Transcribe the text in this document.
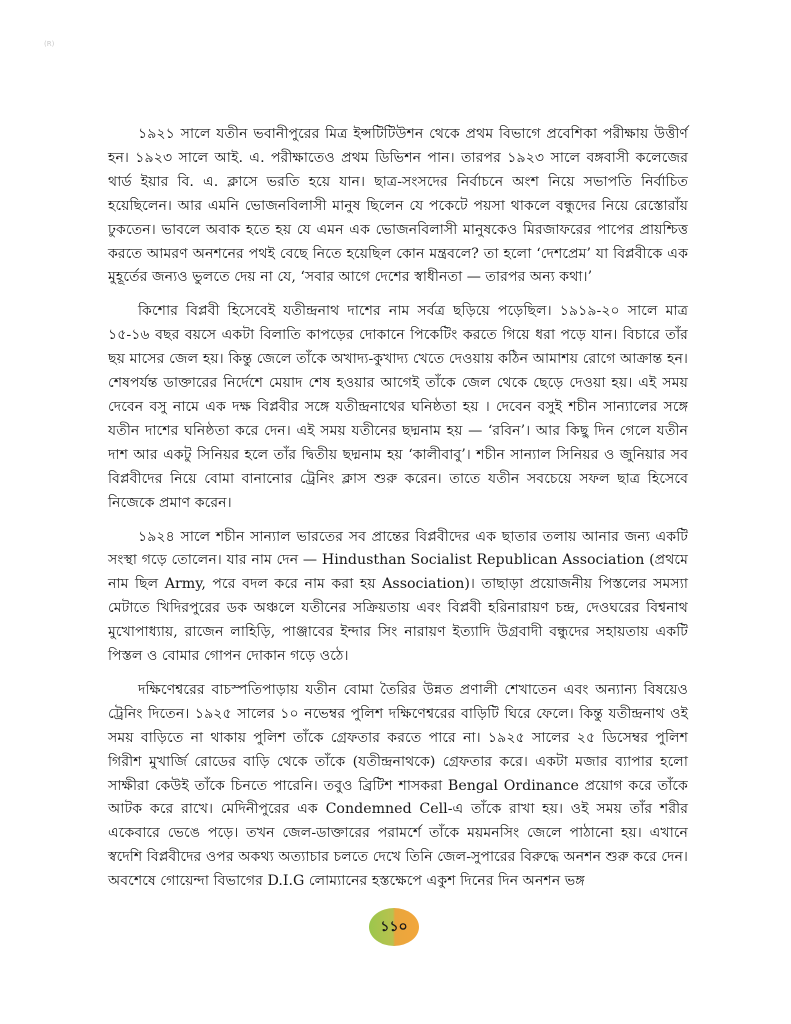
(R)

১৯২১ সালে যতীন ভবানীপুরের মিত্র ইন্সটিটিউশন থেকে প্রথম বিভাগে প্রবেশিকা পরীক্ষায় উত্তীর্ণ হন। ১৯২৩ সালে আই. এ. পরীক্ষাতেও প্রথম ডিভিশন পান। তারপর ১৯২৩ সালে বঙ্গবাসী কলেজের থার্ড ইয়ার বি. এ. ক্লাসে ভরতি হয়ে যান। ছাত্র-সংসদের নির্বাচনে অংশ নিয়ে সভাপতি নির্বাচিত হয়েছিলেন। আর এমনি ভোজনবিলাসী মানুষ ছিলেন যে পকেটে পয়সা থাকলে বন্ধুদের নিয়ে রেস্তোরাঁয় ঢুকতেন। ভাবলে অবাক হতে হয় যে এমন এক ভোজনবিলাসী মানুষকেও মিরজাফরের পাপের প্রায়শ্চিত্ত করতে আমরণ অনশনের পথই বেছে নিতে হয়েছিল কোন মন্ত্রবলে? তা হলো ‘দেশপ্রেম’ যা বিপ্লবীকে এক মুহূর্তের জন্যও ভুলতে দেয় না যে, ‘সবার আগে দেশের স্বাধীনতা — তারপর অন্য কথা।’

কিশোর বিপ্লবী হিসেবেই যতীন্দ্রনাথ দাশের নাম সর্বত্র ছড়িয়ে পড়েছিল। ১৯১৯-২০ সালে মাত্র ১৫-১৬ বছর বয়সে একটা বিলাতি কাপড়ের দোকানে পিকেটিং করতে গিয়ে ধরা পড়ে যান। বিচারে তাঁর ছয় মাসের জেল হয়। কিন্তু জেলে তাঁকে অখাদ্য-কুখাদ্য খেতে দেওয়ায় কঠিন আমাশয় রোগে আক্রান্ত হন। শেষপর্যন্ত ডাক্তারের নির্দেশে মেয়াদ শেষ হওয়ার আগেই তাঁকে জেল থেকে ছেড়ে দেওয়া হয়। এই সময় দেবেন বসু নামে এক দক্ষ বিপ্লবীর সঙ্গে যতীন্দ্রনাথের ঘনিষ্ঠতা হয় । দেবেন বসুই শচীন সান্যালের সঙ্গে যতীন দাশের ঘনিষ্ঠতা করে দেন। এই সময় যতীনের ছদ্মনাম হয় — ‘রবিন’। আর কিছু দিন গেলে যতীন দাশ আর একটু সিনিয়র হলে তাঁর দ্বিতীয় ছদ্মনাম হয় ‘কালীবাবু’। শচীন সান্যাল সিনিয়র ও জুনিয়ার সব বিপ্লবীদের নিয়ে বোমা বানানোর ট্রেনিং ক্লাস শুরু করেন। তাতে যতীন সবচেয়ে সফল ছাত্র হিসেবে নিজেকে প্রমাণ করেন।

১৯২৪ সালে শচীন সান্যাল ভারতের সব প্রান্তের বিপ্লবীদের এক ছাতার তলায় আনার জন্য একটি সংস্থা গড়ে তোলেন। যার নাম দেন — Hindusthan Socialist Republican Association (প্রথমে নাম ছিল Army, পরে বদল করে নাম করা হয় Association)। তাছাড়া প্রয়োজনীয় পিস্তলের সমস্যা মেটাতে খিদিরপুরের ডক অঞ্চলে যতীনের সক্রিয়তায় এবং বিপ্লবী হরিনারায়ণ চন্দ্র, দেওঘরের বিশ্বনাথ মুখোপাধ্যায়, রাজেন লাহিড়ি, পাঞ্জাবের ইন্দার সিং নারায়ণ ইত্যাদি উগ্রবাদী বন্ধুদের সহায়তায় একটি পিস্তল ও বোমার গোপন দোকান গড়ে ওঠে।

দক্ষিণেশ্বরের বাচস্পতিপাড়ায় যতীন বোমা তৈরির উন্নত প্রণালী শেখাতেন এবং অন্যান্য বিষয়েও ট্রেনিং দিতেন। ১৯২৫ সালের ১০ নভেম্বর পুলিশ দক্ষিণেশ্বরের বাড়িটি ঘিরে ফেলে। কিন্তু যতীন্দ্রনাথ ওই সময় বাড়িতে না থাকায় পুলিশ তাঁকে গ্রেফতার করতে পারে না। ১৯২৫ সালের ২৫ ডিসেম্বর পুলিশ গিরীশ মুখার্জি রোডের বাড়ি থেকে তাঁকে (যতীন্দ্রনাথকে) গ্রেফতার করে। একটা মজার ব্যাপার হলো সাক্ষীরা কেউই তাঁকে চিনতে পারেনি। তবুও ব্রিটিশ শাসকরা Bengal Ordinance প্রয়োগ করে তাঁকে আটক করে রাখে। মেদিনীপুরের এক Condemned Cell-এ তাঁকে রাখা হয়। ওই সময় তাঁর শরীর একেবারে ভেঙে পড়ে। তখন জেল-ডাক্তারের পরামর্শে তাঁকে ময়মনসিং জেলে পাঠানো হয়। এখানে স্বদেশি বিপ্লবীদের ওপর অকথ্য অত্যাচার চলতে দেখে তিনি জেল-সুপারের বিরুদ্ধে অনশন শুরু করে দেন। অবশেষে গোয়েন্দা বিভাগের D.I.G লোম্যানের হস্তক্ষেপে একুশ দিনের দিন অনশন ভঙ্গ

১১০
